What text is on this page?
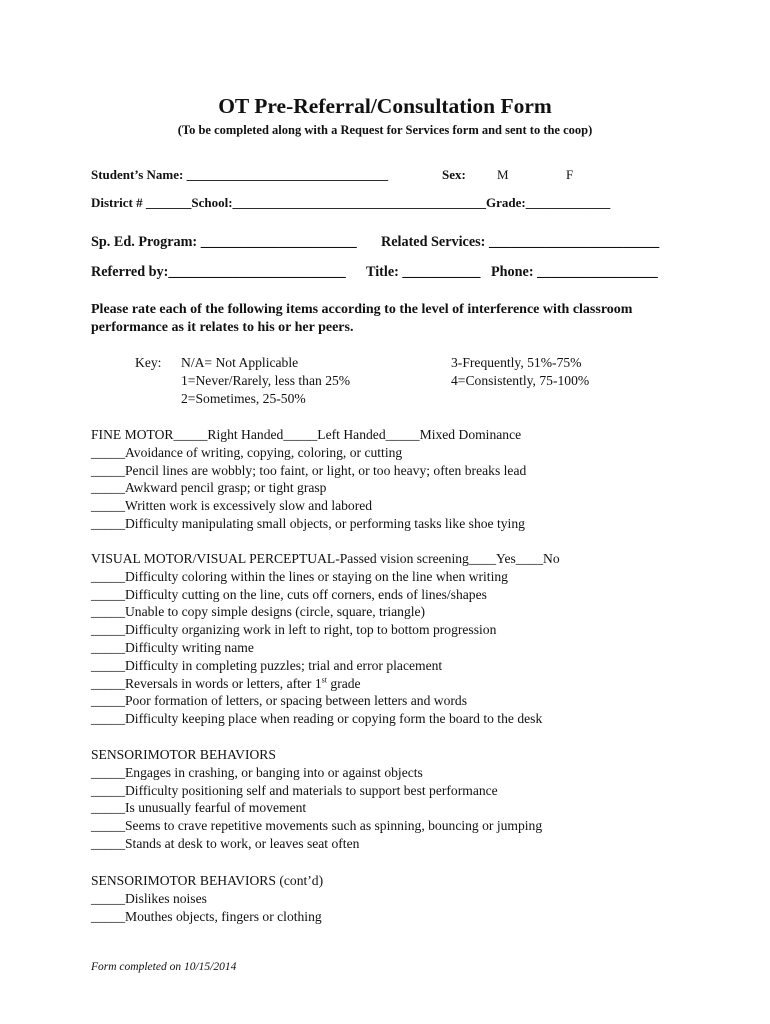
OT Pre-Referral/Consultation Form
(To be completed along with a Request for Services form and sent to the coop)
Student’s Name: _______________________________	Sex: M	F
District # _______School:_______________________________________Grade:_____________
Sp. Ed. Program: ______________________ Related Services: ________________________
Referred by:_________________________ Title: ___________ Phone: _________________
Please rate each of the following items according to the level of interference with classroom performance as it relates to his or her peers.
Key: N/A= Not Applicable
1=Never/Rarely, less than 25%
2=Sometimes, 25-50%
3-Frequently, 51%-75%
4=Consistently, 75-100%
FINE MOTOR_____Right Handed_____Left Handed_____Mixed Dominance
_____Avoidance of writing, copying, coloring, or cutting
_____Pencil lines are wobbly; too faint, or light, or too heavy; often breaks lead
_____Awkward pencil grasp; or tight grasp
_____Written work is excessively slow and labored
_____Difficulty manipulating small objects, or performing tasks like shoe tying
VISUAL MOTOR/VISUAL PERCEPTUAL-Passed vision screening____Yes____No
_____Difficulty coloring within the lines or staying on the line when writing
_____Difficulty cutting on the line, cuts off corners, ends of lines/shapes
_____Unable to copy simple designs (circle, square, triangle)
_____Difficulty organizing work in left to right, top to bottom progression
_____Difficulty writing name
_____Difficulty in completing puzzles; trial and error placement
_____Reversals in words or letters, after 1st grade
_____Poor formation of letters, or spacing between letters and words
_____Difficulty keeping place when reading or copying form the board to the desk
SENSORIMOTOR BEHAVIORS
_____Engages in crashing, or banging into or against objects
_____Difficulty positioning self and materials to support best performance
_____Is unusually fearful of movement
_____Seems to crave repetitive movements such as spinning, bouncing or jumping
_____Stands at desk to work, or leaves seat often
SENSORIMOTOR BEHAVIORS (cont’d)
_____Dislikes noises
_____Mouthes objects, fingers or clothing
Form completed on 10/15/2014
